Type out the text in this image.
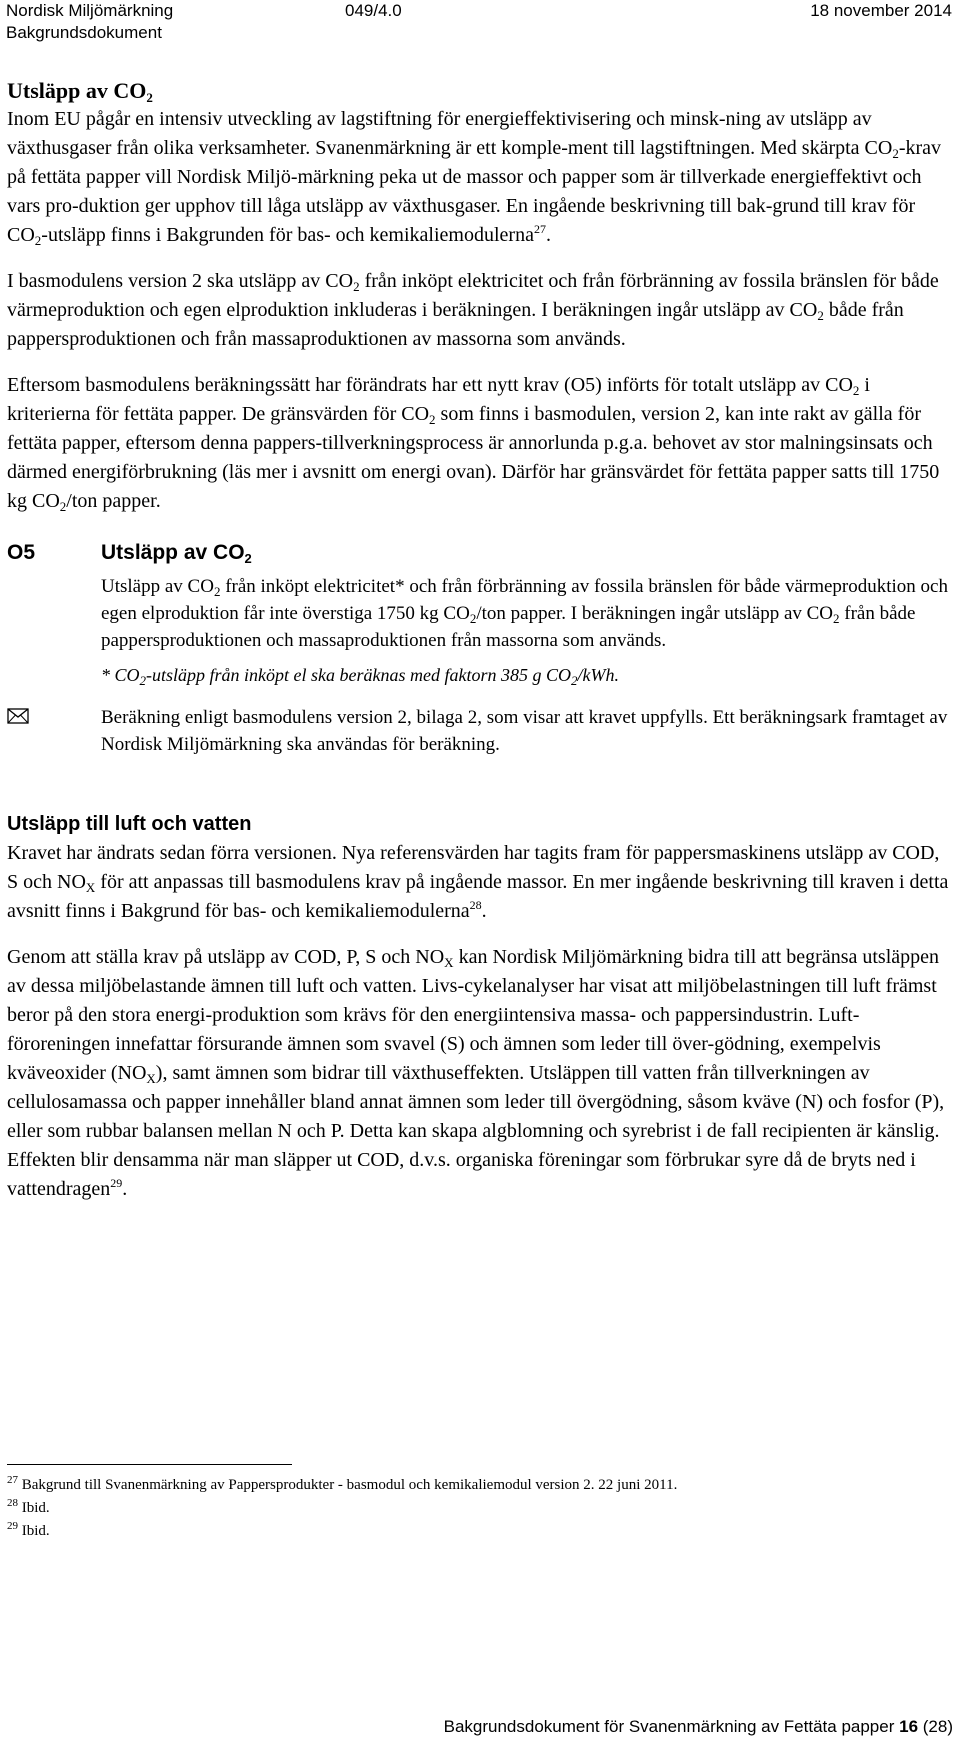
Nordisk Miljömärkning	049/4.0	18 november 2014
Bakgrundsdokument
Utsläpp av $CO_2$

Inom EU pågår en intensiv utveckling av lagstiftning för energieffektivisering och minsk-ning av utsläpp av växthusgaser från olika verksamheter. Svanenmärkning är ett komple-ment till lagstiftningen. Med skärpta $CO_2$-krav på fettäta papper vill Nordisk Miljö-märkning peka ut de massor och papper som är tillverkade energieffektivt och vars pro-duktion ger upphov till låga utsläpp av växthusgaser. En ingående beskrivning till bak-grund till krav för $CO_2$-utsläpp finns i Bakgrunden för bas- och kemikaliemodulerna$^{27}$.

I basmodulens version 2 ska utsläpp av $CO_2$ från inköpt elektricitet och från förbränning av fossila bränslen för både värmeproduktion och egen elproduktion inkluderas i beräkningen. I beräkningen ingår utsläpp av $CO_2$ både från pappersproduktionen och från massaproduktionen av massorna som används.

Eftersom basmodulens beräkningssätt har förändrats har ett nytt krav (O5) införts för totalt utsläpp av $CO_2$ i kriterierna för fettäta papper. De gränsvärden för $CO_2$ som finns i basmodulen, version 2, kan inte rakt av gälla för fettäta papper, eftersom denna pappers-tillverkningsprocess är annorlunda p.g.a. behovet av stor malningsinsats och därmed energiförbrukning (läs mer i avsnitt om energi ovan). Därför har gränsvärdet för fettäta papper satts till 1750 kg $CO_2$/ton papper.

O5	Utsläpp av $CO_2$
Utsläpp av $CO_2$ från inköpt elektricitet* och från förbränning av fossila bränslen för både värmeproduktion och egen elproduktion får inte överstiga 1750 kg $CO_2$/ton papper. I beräkningen ingår utsläpp av $CO_2$ från både pappersproduktionen och massaproduktionen från massorna som används.
* $CO_2$-utsläpp från inköpt el ska beräknas med faktorn 385 g $CO_2$/kWh.
Beräkning enligt basmodulens version 2, bilaga 2, som visar att kravet uppfylls. Ett beräkningsark framtaget av Nordisk Miljömärkning ska användas för beräkning.
Utsläpp till luft och vatten

Kravet har ändrats sedan förra versionen. Nya referensvärden har tagits fram för pappersmaskinens utsläpp av COD, S och $NO_X$ för att anpassas till basmodulens krav på ingående massor. En mer ingående beskrivning till kraven i detta avsnitt finns i Bakgrund för bas- och kemikaliemodulerna$^{28}$.

Genom att ställa krav på utsläpp av COD, P, S och $NO_X$ kan Nordisk Miljömärkning bidra till att begränsa utsläppen av dessa miljöbelastande ämnen till luft och vatten. Livs-cykelanalyser har visat att miljöbelastningen till luft främst beror på den stora energi-produktion som krävs för den energiintensiva massa- och pappersindustrin. Luft-föroreningen innefattar försurande ämnen som svavel (S) och ämnen som leder till över-gödning, exempelvis kväveoxider $(NO_X)$, samt ämnen som bidrar till växthuseffekten. Utsläppen till vatten från tillverkningen av cellulosamassa och papper innehåller bland annat ämnen som leder till övergödning, såsom kväve (N) och fosfor (P), eller som rubbar balansen mellan N och P. Detta kan skapa algblomning och syrebrist i de fall recipienten är känslig. Effekten blir densamma när man släpper ut COD, d.v.s. organiska föreningar som förbrukar syre då de bryts ned i vattendragen$^{29}$.

$^{27}$ Bakgrund till Svanenmärkning av Pappersprodukter - basmodul och kemikaliemodul version 2. 22 juni 2011.
$^{28}$ Ibid.
$^{29}$ Ibid.
Bakgrundsdokument för Svanenmärkning av Fettäta papper 16 (28)
